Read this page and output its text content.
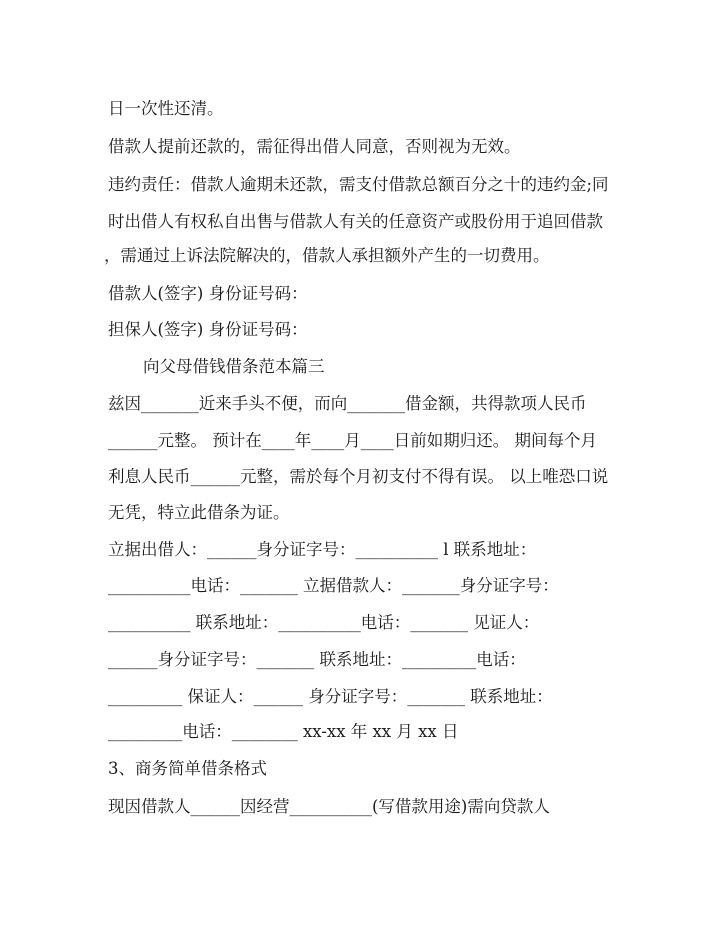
日一次性还清。
借款人提前还款的，需征得出借人同意，否则视为无效。
违约责任：借款人逾期未还款，需支付借款总额百分之十的违约金;同
时出借人有权私自出售与借款人有关的任意资产或股份用于追回借款
，需通过上诉法院解决的，借款人承担额外产生的一切费用。
借款人(签字) 身份证号码：
担保人(签字) 身份证号码：
向父母借钱借条范本篇三
兹因_______近来手头不便，而向_______借金额，共得款项人民币
______元整。 预计在____年____月____日前如期归还。 期间每个月
利息人民币______元整，需於每个月初支付不得有误。 以上唯恐口说
无凭，特立此借条为证。
立据出借人：______身分证字号：__________ l 联系地址：
__________电话：_______ 立据借款人：_______身分证字号：
__________ 联系地址：__________电话：_______ 见证人：
______身分证字号：_______ 联系地址：_________电话：
_________ 保证人：______ 身分证字号：_______ 联系地址：
_________电话：________ xx-xx 年 xx 月 xx 日
3、商务简单借条格式
现因借款人______因经营__________(写借款用途)需向贷款人
